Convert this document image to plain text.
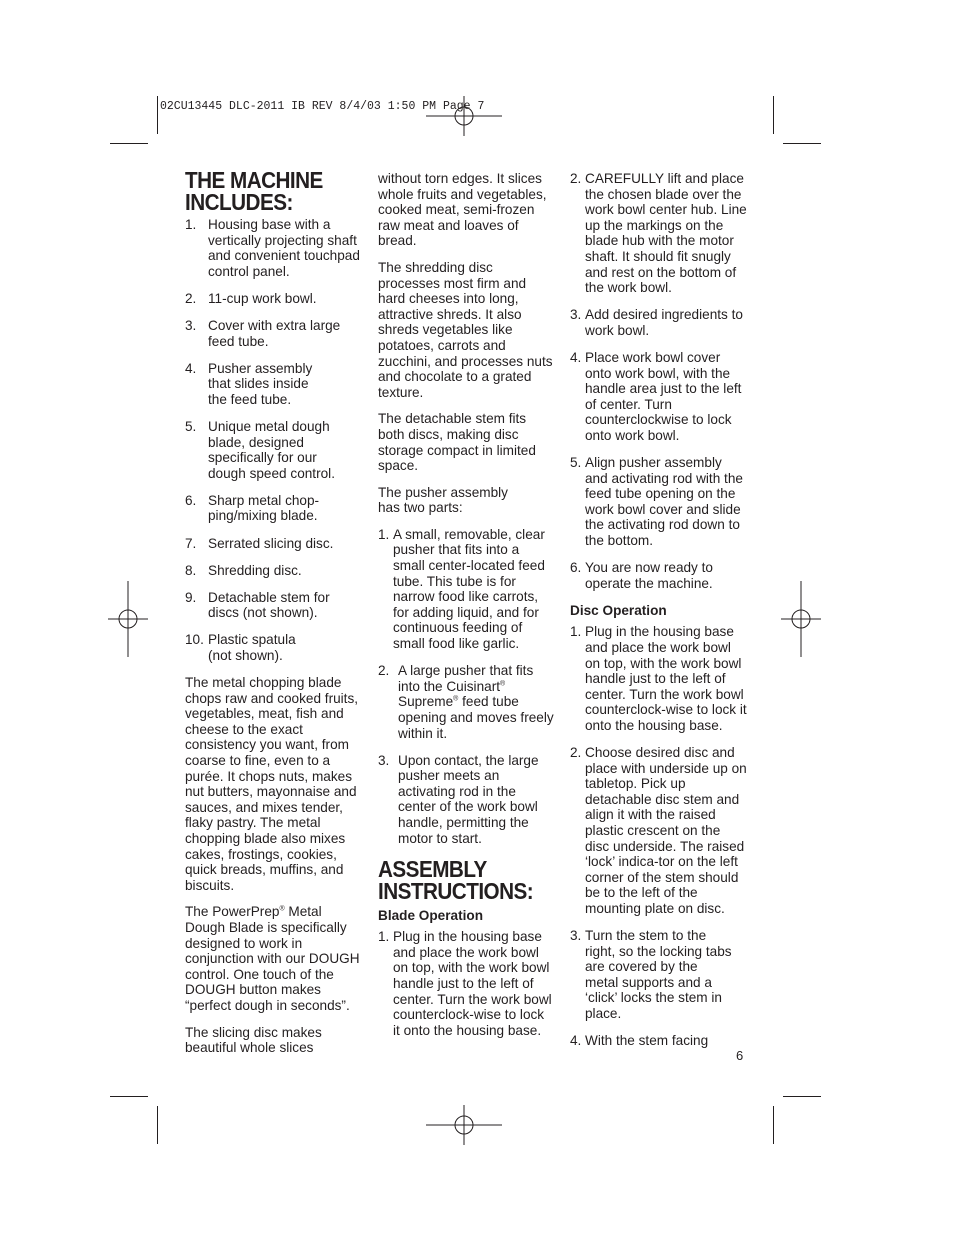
02CU13445 DLC-2011 IB REV 8/4/03 1:50 PM Page 7
THE MACHINE
INCLUDES:
1. Housing base with a vertically projecting shaft and convenient touchpad control panel.
2. 11-cup work bowl.
3. Cover with extra large feed tube.
4. Pusher assembly that slides inside the feed tube.
5. Unique metal dough blade, designed specifically for our dough speed control.
6. Sharp metal chop-ping/mixing blade.
7. Serrated slicing disc.
8. Shredding disc.
9. Detachable stem for discs (not shown).
10. Plastic spatula (not shown).

The metal chopping blade chops raw and cooked fruits, vegetables, meat, fish and cheese to the exact consistency you want, from coarse to fine, even to a purée. It chops nuts, makes nut butters, mayonnaise and sauces, and mixes tender, flaky pastry. The metal chopping blade also mixes cakes, frostings, cookies, quick breads, muffins, and biscuits.

The PowerPrep® Metal Dough Blade is specifically designed to work in conjunction with our DOUGH control. One touch of the DOUGH button makes “perfect dough in seconds”.

The slicing disc makes beautiful whole slices

without torn edges. It slices whole fruits and vegetables, cooked meat, semi-frozen raw meat and loaves of bread.

The shredding disc processes most firm and hard cheeses into long, attractive shreds. It also shreds vegetables like potatoes, carrots and zucchini, and processes nuts and chocolate to a grated texture.

The detachable stem fits both discs, making disc storage compact in limited space.

The pusher assembly has two parts:

1. A small, removable, clear pusher that fits into a small center-located feed tube. This tube is for narrow food like carrots, for adding liquid, and for continuous feeding of small food like garlic.
2. A large pusher that fits into the Cuisinart® Supreme® feed tube opening and moves freely within it.
3. Upon contact, the large pusher meets an activating rod in the center of the work bowl handle, permitting the motor to start.
ASSEMBLY
INSTRUCTIONS:
Blade Operation
1. Plug in the housing base and place the work bowl on top, with the work bowl handle just to the left of center. Turn the work bowl counterclock-wise to lock it onto the housing base.
2. CAREFULLY lift and place the chosen blade over the work bowl center hub. Line up the markings on the blade hub with the motor shaft. It should fit snugly and rest on the bottom of the work bowl.
3. Add desired ingredients to work bowl.
4. Place work bowl cover onto work bowl, with the handle area just to the left of center. Turn counterclockwise to lock onto work bowl.
5. Align pusher assembly and activating rod with the feed tube opening on the work bowl cover and slide the activating rod down to the bottom.
6. You are now ready to operate the machine.
Disc Operation
1. Plug in the housing base and place the work bowl on top, with the work bowl handle just to the left of center. Turn the work bowl counterclock-wise to lock it onto the housing base.
2. Choose desired disc and place with underside up on tabletop. Pick up detachable disc stem and align it with the raised plastic crescent on the disc underside. The raised ‘lock’ indica-tor on the left corner of the stem should be to the left of the mounting plate on disc.
3. Turn the stem to the right, so the locking tabs are covered by the metal supports and a ‘click’ locks the stem in place.
4. With the stem facing
6
